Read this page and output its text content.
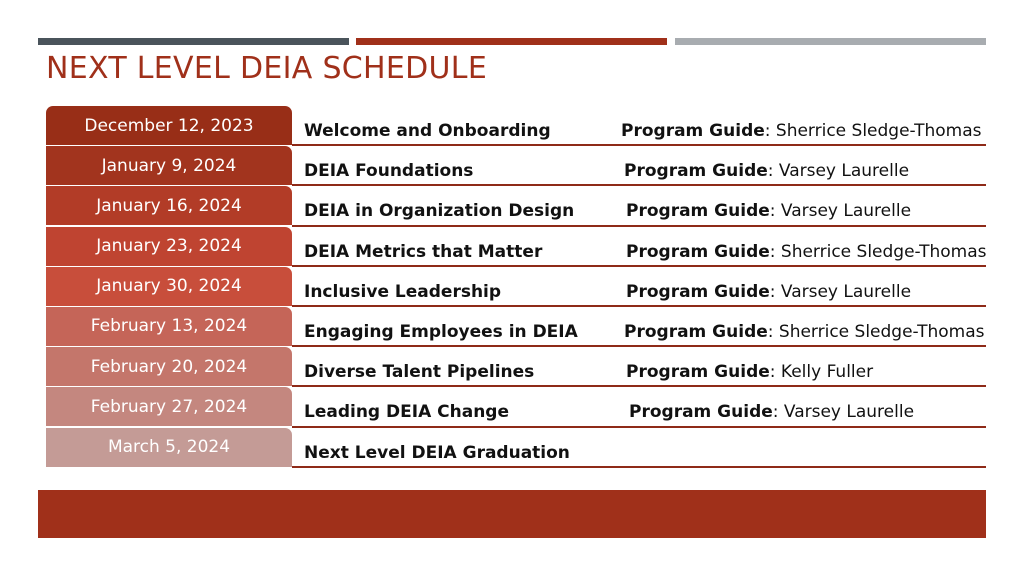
NEXT LEVEL DEIA SCHEDULE
December 12, 2023	Welcome and Onboarding	Program Guide: Sherrice Sledge-Thomas
January 9, 2024	DEIA Foundations	Program Guide: Varsey Laurelle
January 16, 2024	DEIA in Organization Design	Program Guide: Varsey Laurelle
January 23, 2024	DEIA Metrics that Matter	Program Guide: Sherrice Sledge-Thomas
January 30, 2024	Inclusive Leadership	Program Guide: Varsey Laurelle
February 13, 2024	Engaging Employees in DEIA	Program Guide: Sherrice Sledge-Thomas
February 20, 2024	Diverse Talent Pipelines	Program Guide: Kelly Fuller
February 27, 2024	Leading DEIA Change	Program Guide: Varsey Laurelle
March 5, 2024	Next Level DEIA Graduation
